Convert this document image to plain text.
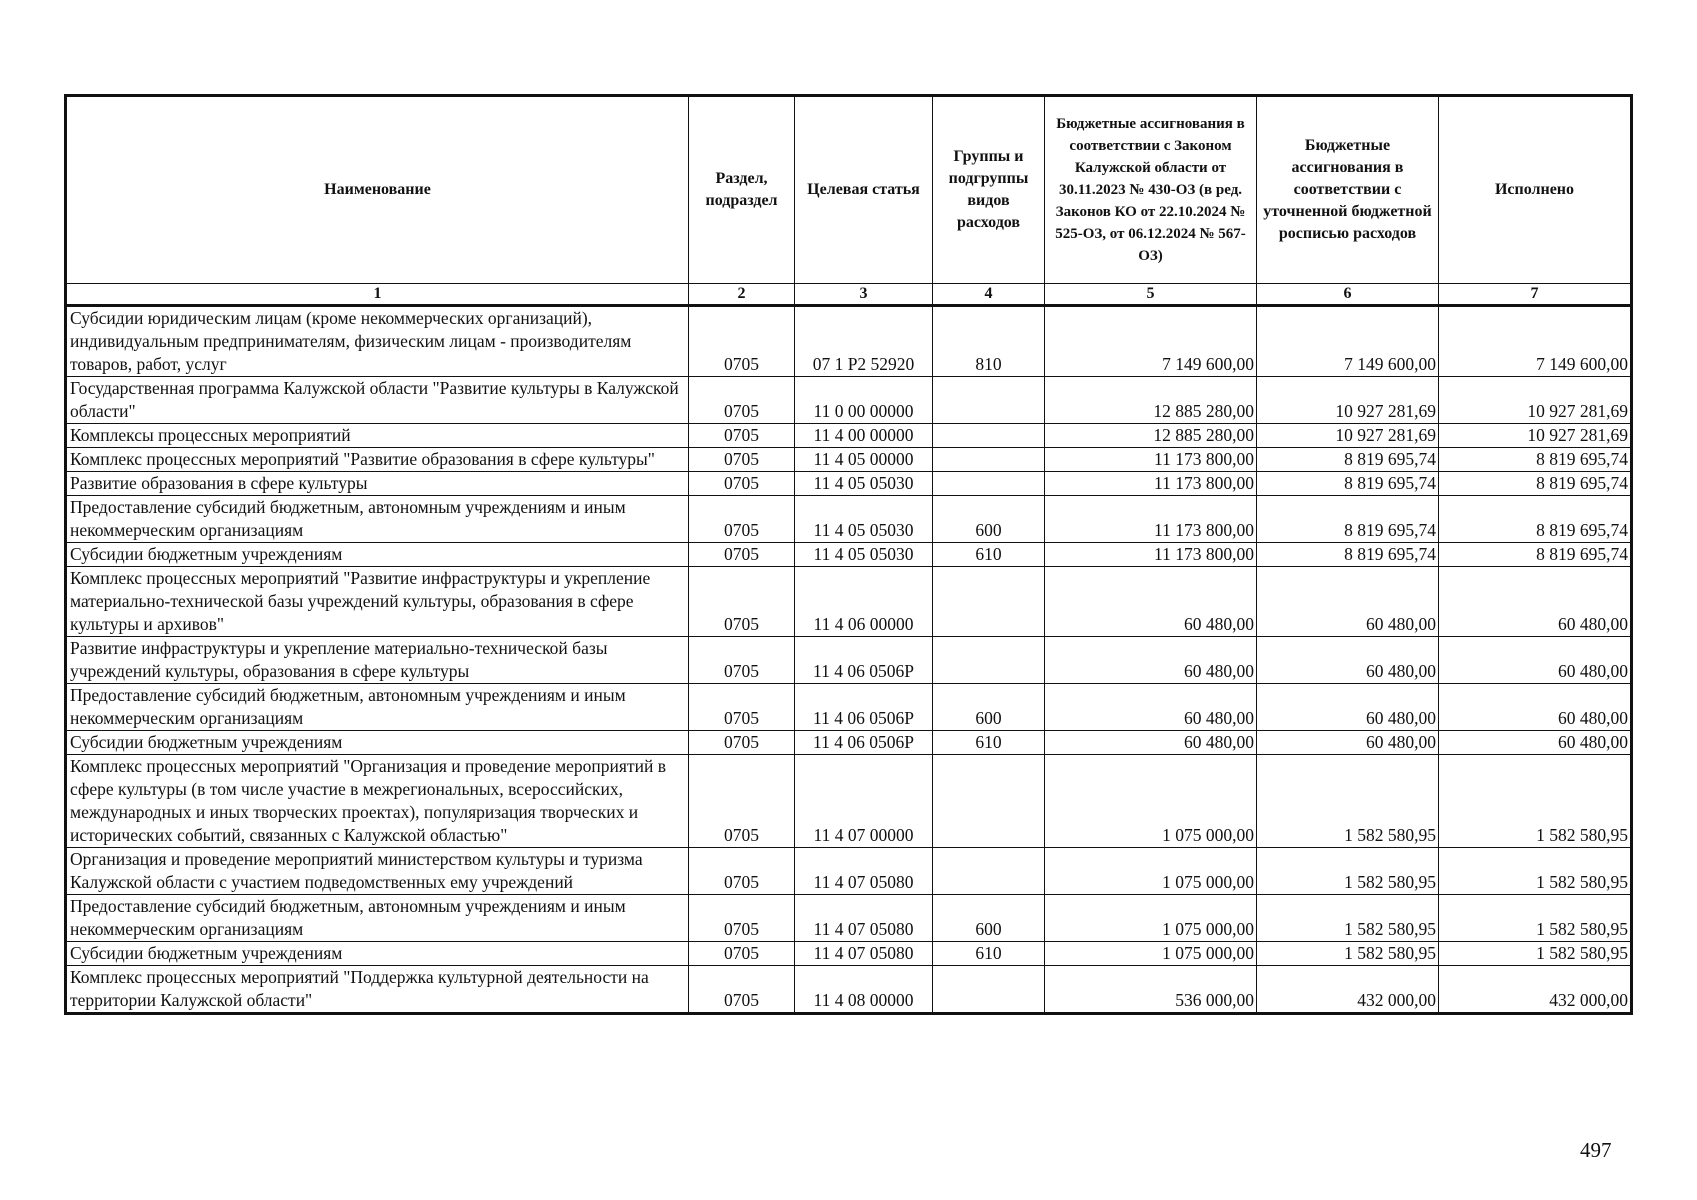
Наименование	Раздел, подраздел	Целевая статья	Группы и подгруппы видов расходов	Бюджетные ассигнования в соответствии с Законом Калужской области от 30.11.2023 № 430-ОЗ (в ред. Законов КО от 22.10.2024 № 525-ОЗ, от 06.12.2024 № 567-ОЗ)	Бюджетные ассигнования в соответствии с уточненной бюджетной росписью расходов	Исполнено
1	2	3	4	5	6	7
Субсидии юридическим лицам (кроме некоммерческих организаций), индивидуальным предпринимателям, физическим лицам - производителям товаров, работ, услуг	0705	07 1 Р2 52920	810	7 149 600,00	7 149 600,00	7 149 600,00
Государственная программа Калужской области "Развитие культуры в Калужской области"	0705	11 0 00 00000		12 885 280,00	10 927 281,69	10 927 281,69
Комплексы процессных мероприятий	0705	11 4 00 00000		12 885 280,00	10 927 281,69	10 927 281,69
Комплекс процессных мероприятий "Развитие образования в сфере культуры"	0705	11 4 05 00000		11 173 800,00	8 819 695,74	8 819 695,74
Развитие образования в сфере культуры	0705	11 4 05 05030		11 173 800,00	8 819 695,74	8 819 695,74
Предоставление субсидий бюджетным, автономным учреждениям и иным некоммерческим организациям	0705	11 4 05 05030	600	11 173 800,00	8 819 695,74	8 819 695,74
Субсидии бюджетным учреждениям	0705	11 4 05 05030	610	11 173 800,00	8 819 695,74	8 819 695,74
Комплекс процессных мероприятий "Развитие инфраструктуры и укрепление материально-технической базы учреждений культуры, образования в сфере культуры и архивов"	0705	11 4 06 00000		60 480,00	60 480,00	60 480,00
Развитие инфраструктуры и укрепление материально-технической базы учреждений культуры, образования в сфере культуры	0705	11 4 06 0506Р		60 480,00	60 480,00	60 480,00
Предоставление субсидий бюджетным, автономным учреждениям и иным некоммерческим организациям	0705	11 4 06 0506Р	600	60 480,00	60 480,00	60 480,00
Субсидии бюджетным учреждениям	0705	11 4 06 0506Р	610	60 480,00	60 480,00	60 480,00
Комплекс процессных мероприятий "Организация и проведение мероприятий в сфере культуры (в том числе участие в межрегиональных, всероссийских, международных и иных творческих проектах), популяризация творческих и исторических событий, связанных с Калужской областью"	0705	11 4 07 00000		1 075 000,00	1 582 580,95	1 582 580,95
Организация и проведение мероприятий министерством культуры и туризма Калужской области с участием подведомственных ему учреждений	0705	11 4 07 05080		1 075 000,00	1 582 580,95	1 582 580,95
Предоставление субсидий бюджетным, автономным учреждениям и иным некоммерческим организациям	0705	11 4 07 05080	600	1 075 000,00	1 582 580,95	1 582 580,95
Субсидии бюджетным учреждениям	0705	11 4 07 05080	610	1 075 000,00	1 582 580,95	1 582 580,95
Комплекс процессных мероприятий "Поддержка культурной деятельности на территории Калужской области"	0705	11 4 08 00000		536 000,00	432 000,00	432 000,00
497
